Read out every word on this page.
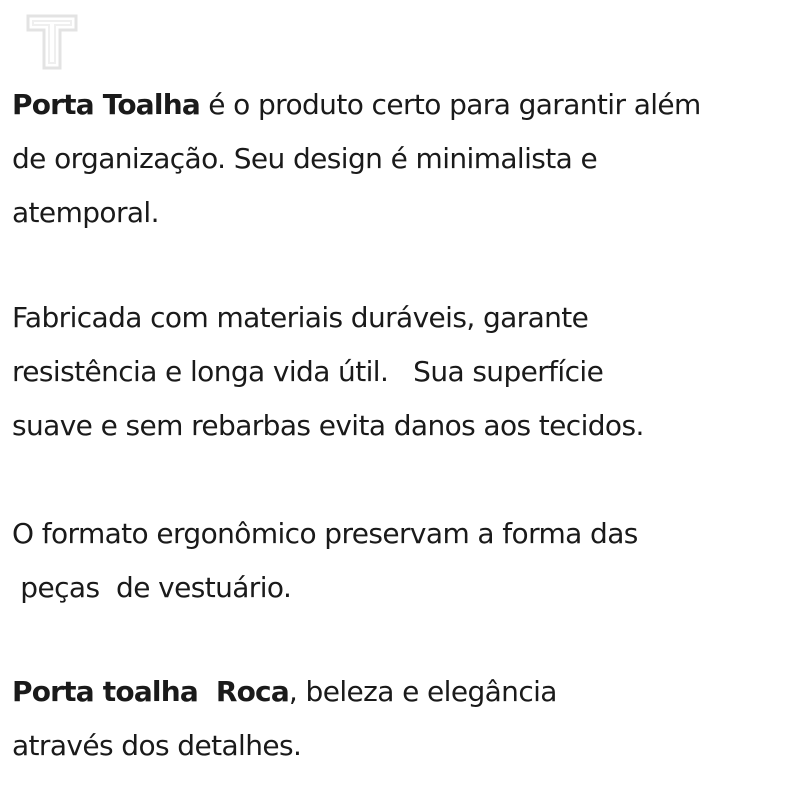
Porta Toalha é o produto certo para garantir além
de organização. Seu design é minimalista e
atemporal.

Fabricada com materiais duráveis, garante
resistência e longa vida útil.   Sua superfície
suave e sem rebarbas evita danos aos tecidos.

O formato ergonômico preservam a forma das
peças  de vestuário.

Porta toalha  Roca, beleza e elegância
através dos detalhes.
